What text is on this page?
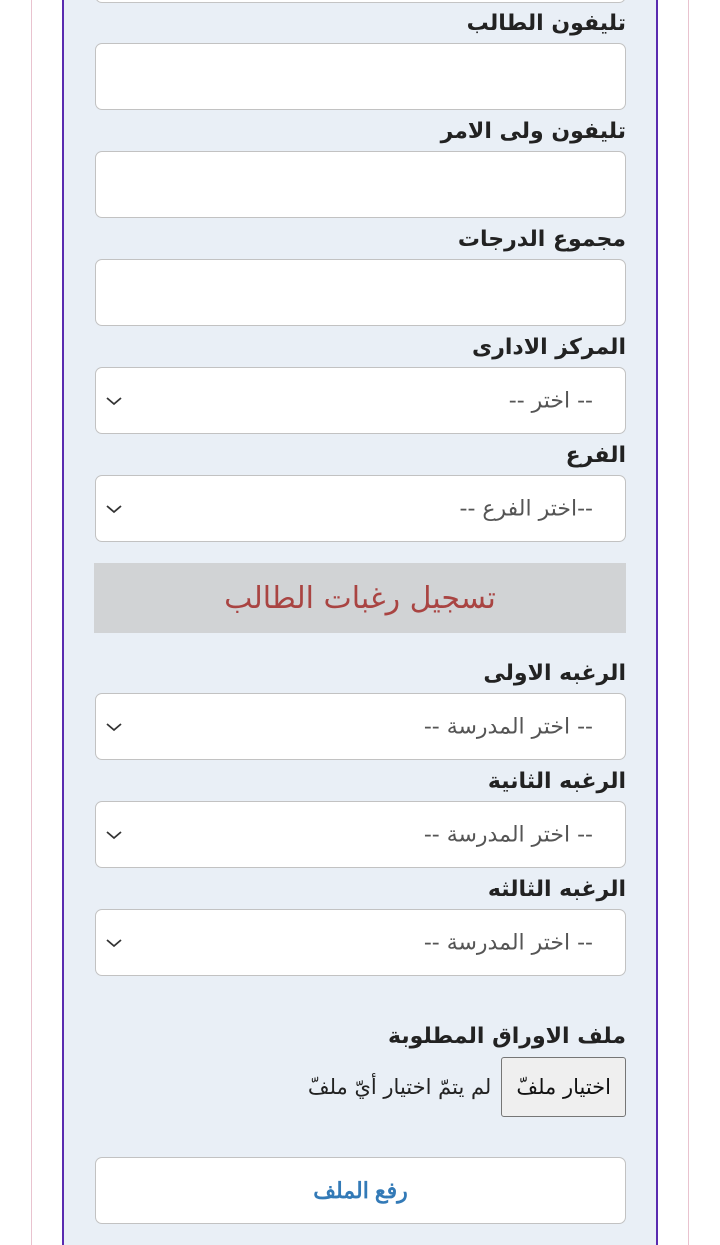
تليفون الطالب
تليفون ولى الامر
مجموع الدرجات
المركز الادارى
-- اختر --
الفرع
--اختر الفرع --
تسجيل رغبات الطالب
الرغبه الاولى
-- اختر المدرسة --
الرغبه الثانية
-- اختر المدرسة --
الرغبه الثالثه
-- اختر المدرسة --
ملف الاوراق المطلوبة
اختيار ملفّ
لم يتمّ اختيار أيّ ملفّ
رفع الملف
